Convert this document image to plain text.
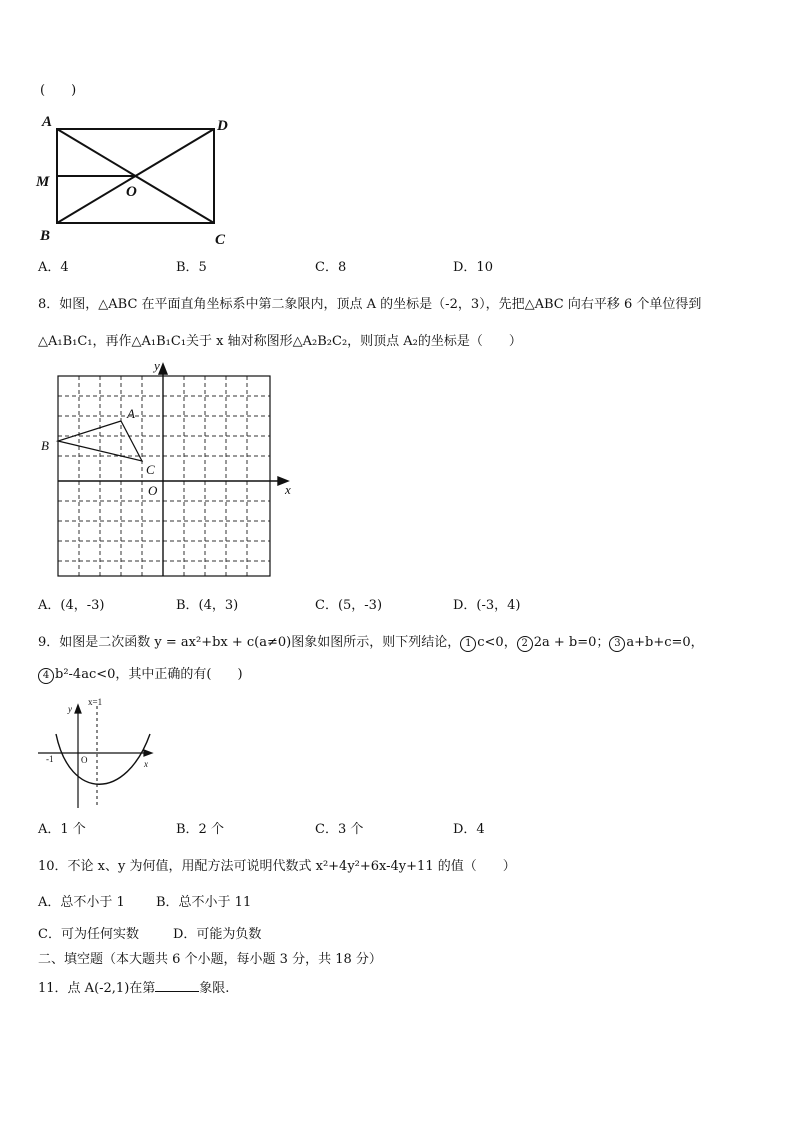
(　　)
A	D
M
O
B	C
A．4	B．5	C．8	D．10
8．如图，△ABC 在平面直角坐标系中第二象限内，顶点 A 的坐标是（-2，3），先把△ABC 向右平移 6 个单位得到
△A₁B₁C₁，再作△A₁B₁C₁关于 x 轴对称图形△A₂B₂C₂，则顶点 A₂的坐标是（　　）
y
x
A
B
C
O
A．(4，-3)	B．(4，3)	C．(5，-3)	D．(-3，4)
9．如图是二次函数 y = ax²+bx + c(a≠0)图象如图所示，则下列结论， 1 c<0， 2 2a + b=0； 3 a+b+c=0，
4 b²-4ac<0，其中正确的有(　　)
x=1
y
x
-1	O
A．1 个	B．2 个	C．3 个	D．4
10．不论 x、y 为何值，用配方法可说明代数式 x²+4y²+6x-4y+11 的值（　　）
A．总不小于 1 B．总不小于 11
C．可为任何实数	D．可能为负数
二、填空题（本大题共 6 个小题，每小题 3 分，共 18 分）
11．点 A(-2,1)在第	象限.
